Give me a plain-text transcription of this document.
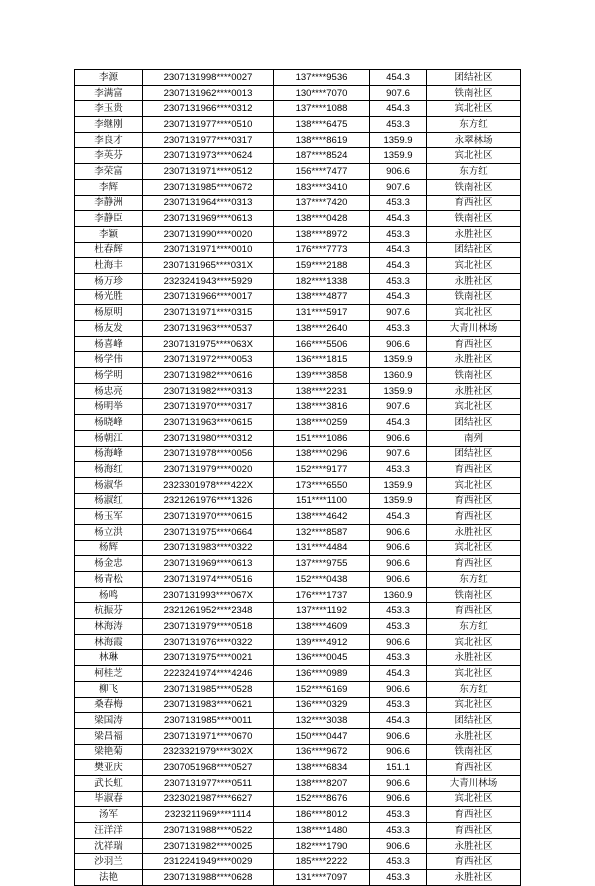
李源	2307131998****0027	137****9536	454.3	团结社区
李满富	2307131962****0013	130****7070	907.6	铁南社区
李玉贵	2307131966****0312	137****1088	454.3	宾北社区
李继刚	2307131977****0510	138****6475	453.3	东方红
李良才	2307131977****0317	138****8619	1359.9	永翠林场
李英芬	2307131973****0624	187****8524	1359.9	宾北社区
李荣富	2307131971****0512	156****7477	906.6	东方红
李辉	2307131985****0672	183****3410	907.6	铁南社区
李静洲	2307131964****0313	137****7420	453.3	育西社区
李静臣	2307131969****0613	138****0428	454.3	铁南社区
李颖	2307131990****0020	138****8972	453.3	永胜社区
杜春辉	2307131971****0010	176****7773	454.3	团结社区
杜海丰	2307131965****031X	159****2188	454.3	宾北社区
杨万珍	2323241943****5929	182****1338	453.3	永胜社区
杨光胜	2307131966****0017	138****4877	454.3	铁南社区
杨原明	2307131971****0315	131****5917	907.6	宾北社区
杨友发	2307131963****0537	138****2640	453.3	大青川林场
杨喜峰	2307131975****063X	166****5506	906.6	育西社区
杨学伟	2307131972****0053	136****1815	1359.9	永胜社区
杨学明	2307131982****0616	139****3858	1360.9	铁南社区
杨忠亮	2307131982****0313	138****2231	1359.9	永胜社区
杨明举	2307131970****0317	138****3816	907.6	宾北社区
杨晓峰	2307131963****0615	138****0259	454.3	团结社区
杨朝江	2307131980****0312	151****1086	906.6	南列
杨海峰	2307131978****0056	138****0296	907.6	团结社区
杨海红	2307131979****0020	152****9177	453.3	育西社区
杨淑华	2323301978****422X	173****6550	1359.9	宾北社区
杨淑红	2321261976****1326	151****1100	1359.9	育西社区
杨玉军	2307131970****0615	138****4642	454.3	育西社区
杨立洪	2307131975****0664	132****8587	906.6	永胜社区
杨辉	2307131983****0322	131****4484	906.6	宾北社区
杨金忠	2307131969****0613	137****9755	906.6	育西社区
杨青松	2307131974****0516	152****0438	906.6	东方红
杨鸣	2307131993****067X	176****1737	1360.9	铁南社区
杭振芬	2321261952****2348	137****1192	453.3	育西社区
林海涛	2307131979****0518	138****4609	453.3	东方红
林海霞	2307131976****0322	139****4912	906.6	宾北社区
林琳	2307131975****0021	136****0045	453.3	永胜社区
柯桂芝	2223241974****4246	136****0989	454.3	宾北社区
柳飞	2307131985****0528	152****6169	906.6	东方红
桑春梅	2307131983****0621	136****0329	453.3	宾北社区
梁国涛	2307131985****0011	132****3038	454.3	团结社区
梁昌福	2307131971****0670	150****0447	906.6	永胜社区
梁艳菊	2323321979****302X	136****9672	906.6	铁南社区
樊亚庆	2307051968****0527	138****6834	151.1	育西社区
武长虹	2307131977****0511	138****8207	906.6	大青川林场
毕淑春	2323021987****6627	152****8676	906.6	宾北社区
汤军	2323211969****1114	186****8012	453.3	育西社区
汪洋洋	2307131988****0522	138****1480	453.3	育西社区
沈祥瑞	2307131982****0025	182****1790	906.6	永胜社区
沙羽兰	2312241949****0029	185****2222	453.3	育西社区
法艳	2307131988****0628	131****7097	453.3	永胜社区
